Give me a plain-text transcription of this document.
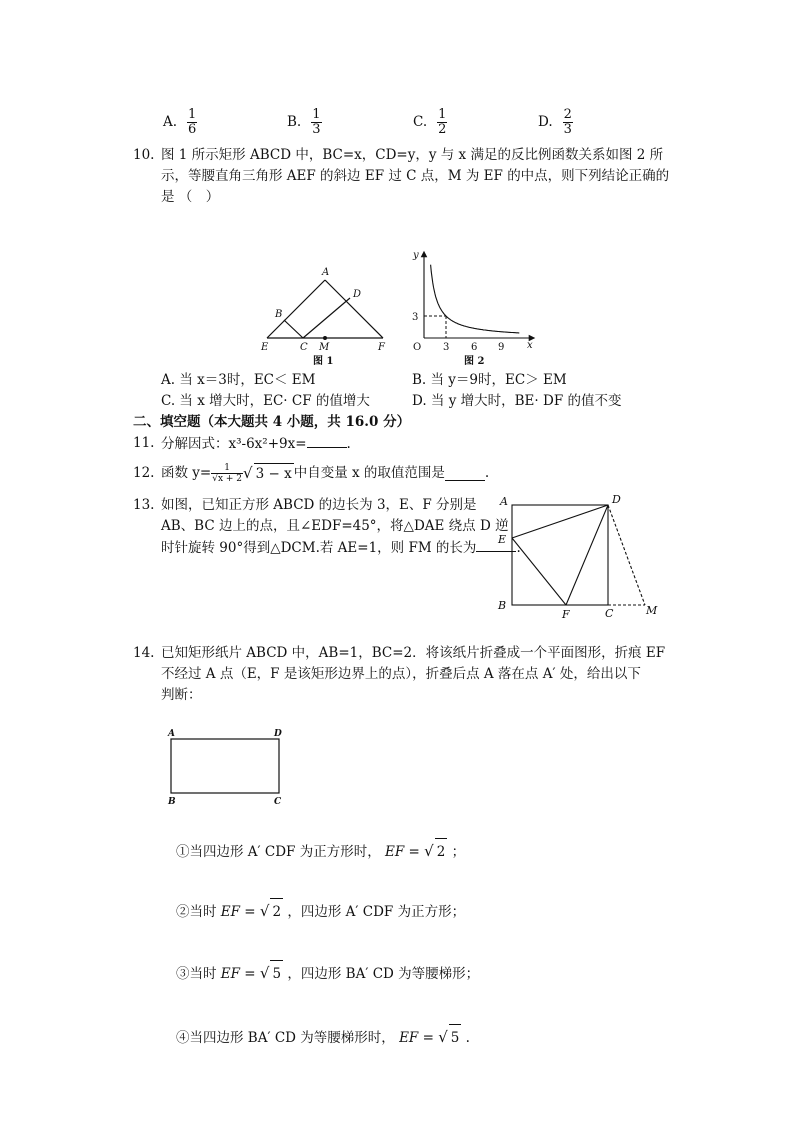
A. $\frac{1}{6}$	B. $\frac{1}{3}$	C. $\frac{1}{2}$	D. $\frac{2}{3}$
10. 图 1 所示矩形 ABCD 中，BC=x，CD=y，y 与 x 满足的反比例函数关系如图 2 所
示，等腰直角三角形 AEF 的斜边 EF 过 C 点，M 为 EF 的中点，则下列结论正确的
是 （　）
A
B
D
E	C M	F
图 1
y
x
O
3
3 6 9
图 2
A. 当 x＝3时，EC＜ EM	B. 当 y＝9时，EC＞ EM
C. 当 x 增大时，EC· CF 的值增大	D. 当 y 增大时，BE· DF 的值不变
二、填空题（本大题共 4 小题，共 16.0 分）
11. 分解因式：x³-6x²+9x=	.
12. 函数 $y= \frac{1}{√x + 2}$ √ 3 − x 中自变量 x 的取值范围是	.
13. 如图，已知正方形 ABCD 的边长为 3，E、F 分别是
AB、BC 边上的点，且∠EDF=45°，将△DAE 绕点 D 逆
时针旋转 90°得到△DCM.若 AE=1，则 FM 的长为	.
A	D
E
B
F	C	M
14. 已知矩形纸片 ABCD 中，AB=1，BC=2．将该纸片折叠成一个平面图形，折痕 EF
不经过 A 点（E，F 是该矩形边界上的点），折叠后点 A 落在点 A′ 处，给出以下
判断：
A	D
B	C
①当四边形 A′ CDF 为正方形时， EF = √ 2 ；
②当时 EF = √ 2 ，四边形 A′ CDF 为正方形；
③当时 EF = √ 5 ，四边形 BA′ CD 为等腰梯形；
④当四边形 BA′ CD 为等腰梯形时， EF = √ 5 .
